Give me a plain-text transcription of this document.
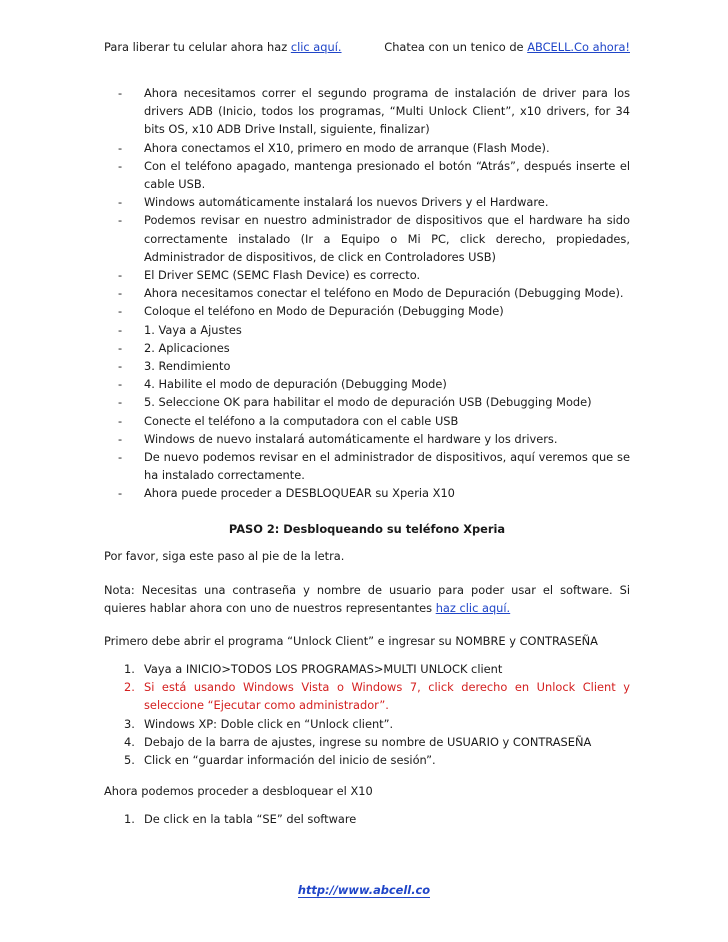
Para liberar tu celular ahora haz clic aquí.	Chatea con un tenico de ABCELL.Co ahora!
- Ahora necesitamos correr el segundo programa de instalación de driver para los drivers ADB (Inicio, todos los programas, “Multi Unlock Client”, x10 drivers, for 34 bits OS, x10 ADB Drive Install, siguiente, finalizar)
- Ahora conectamos el X10, primero en modo de arranque (Flash Mode).
- Con el teléfono apagado, mantenga presionado el botón “Atrás”, después inserte el cable USB.
- Windows automáticamente instalará los nuevos Drivers y el Hardware.
- Podemos revisar en nuestro administrador de dispositivos que el hardware ha sido correctamente instalado (Ir a Equipo o Mi PC, click derecho, propiedades, Administrador de dispositivos, de click en Controladores USB)
- El Driver SEMC (SEMC Flash Device) es correcto.
- Ahora necesitamos conectar el teléfono en Modo de Depuración (Debugging Mode).
- Coloque el teléfono en Modo de Depuración (Debugging Mode)
- 1. Vaya a Ajustes
- 2. Aplicaciones
- 3. Rendimiento
- 4. Habilite el modo de depuración (Debugging Mode)
- 5. Seleccione OK para habilitar el modo de depuración USB (Debugging Mode)
- Conecte el teléfono a la computadora con el cable USB
- Windows de nuevo instalará automáticamente el hardware y los drivers.
- De nuevo podemos revisar en el administrador de dispositivos, aquí veremos que se ha instalado correctamente.
- Ahora puede proceder a DESBLOQUEAR su Xperia X10
PASO 2: Desbloqueando su teléfono Xperia
Por favor, siga este paso al pie de la letra.
Nota: Necesitas una contraseña y nombre de usuario para poder usar el software. Si quieres hablar ahora con uno de nuestros representantes haz clic aquí.
Primero debe abrir el programa “Unlock Client” e ingresar su NOMBRE y CONTRASEÑA
1. Vaya a INICIO>TODOS LOS PROGRAMAS>MULTI UNLOCK client
2. Si está usando Windows Vista o Windows 7, click derecho en Unlock Client y seleccione “Ejecutar como administrador”.
3. Windows XP: Doble click en “Unlock client”.
4. Debajo de la barra de ajustes, ingrese su nombre de USUARIO y CONTRASEÑA
5. Click en “guardar información del inicio de sesión”.
Ahora podemos proceder a desbloquear el X10
1. De click en la tabla “SE” del software
http://www.abcell.co
